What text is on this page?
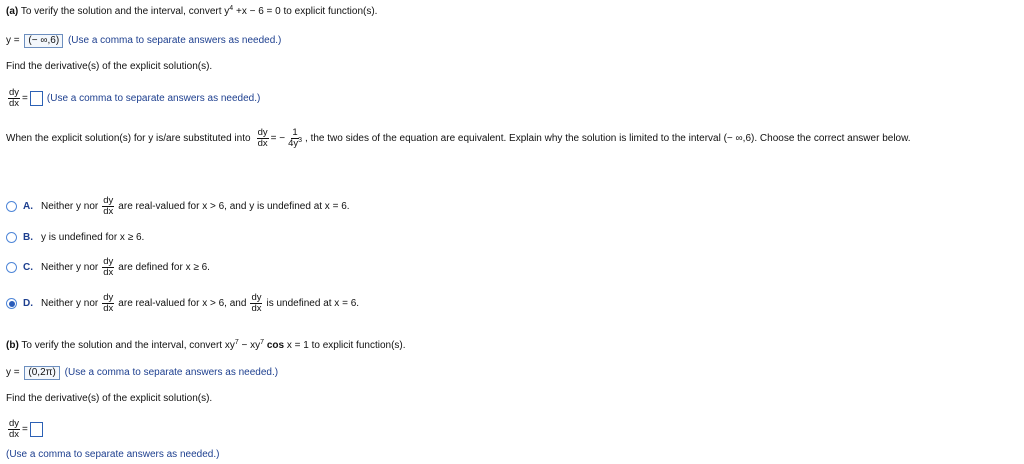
(a) To verify the solution and the interval, convert $y^4 +x - 6 = 0$ to explicit function(s).
y = (− ∞,6) (Use a comma to separate answers as needed.)
Find the derivative(s) of the explicit solution(s).
$\frac{dy}{dx} = (Use$ a comma to separate answers as needed.)
When the explicit solution(s) for y is/are substituted into $\frac{dy}{dx}$ = − $\frac{1}{4y^3}$ , the two sides of the equation are equivalent. Explain why the solution is limited to the interval (− ∞,6). Choose the correct answer below.
A. Neither y nor $\frac{dy}{dx}$ are real-valued for x > 6, and y is undefined at x = 6.
B. y is undefined for x ≥ 6.
C. Neither y nor $\frac{dy}{dx}$ are defined for x ≥ 6.
D. Neither y nor $\frac{dy}{dx}$ are real-valued for x > 6, and $\frac{dy}{dx}$ is undefined at x = 6.
(b) To verify the solution and the interval, convert $xy^7 - xy^7$ cos x = 1 to explicit function(s).
y = (0,2π) (Use a comma to separate answers as needed.)
Find the derivative(s) of the explicit solution(s).
$\frac{dy}{dx}$ =
(Use a comma to separate answers as needed.)
